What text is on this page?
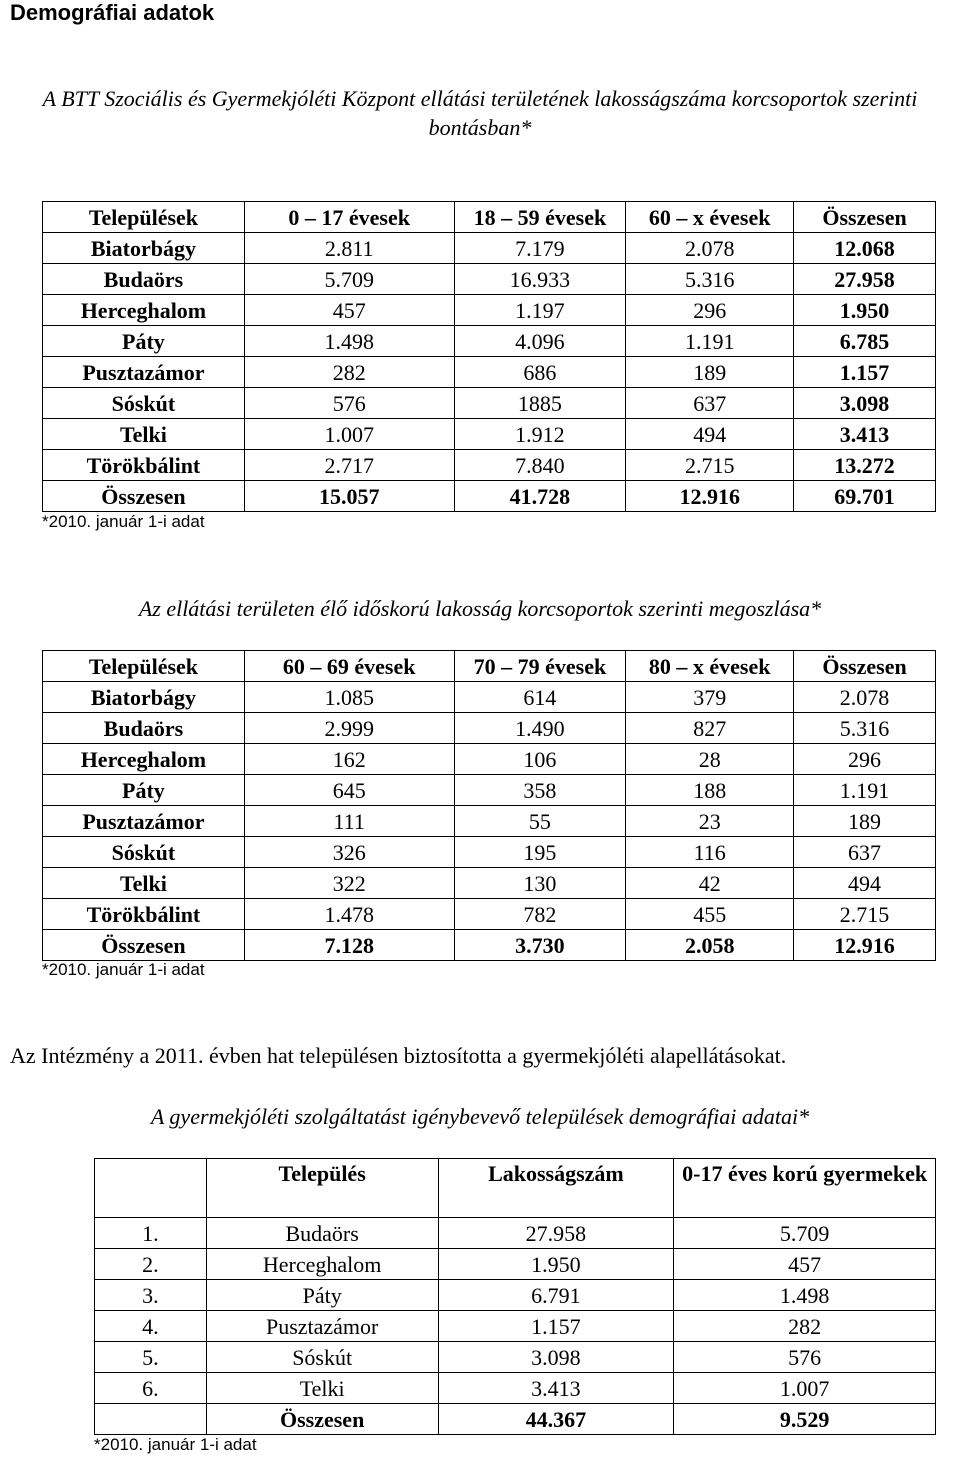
Demográfiai adatok
A BTT Szociális és Gyermekjóléti Központ ellátási területének lakosságszáma korcsoportok szerinti bontásban*
Települések	0 – 17 évesek	18 – 59 évesek	60 – x évesek	Összesen
Biatorbágy	2.811	7.179	2.078	12.068
Budaörs	5.709	16.933	5.316	27.958
Herceghalom	457	1.197	296	1.950
Páty	1.498	4.096	1.191	6.785
Pusztazámor	282	686	189	1.157
Sóskút	576	1885	637	3.098
Telki	1.007	1.912	494	3.413
Törökbálint	2.717	7.840	2.715	13.272
Összesen	15.057	41.728	12.916	69.701
*2010. január 1-i adat
Az ellátási területen élő időskorú lakosság korcsoportok szerinti megoszlása*
Települések	60 – 69 évesek	70 – 79 évesek	80 – x évesek	Összesen
Biatorbágy	1.085	614	379	2.078
Budaörs	2.999	1.490	827	5.316
Herceghalom	162	106	28	296
Páty	645	358	188	1.191
Pusztazámor	111	55	23	189
Sóskút	326	195	116	637
Telki	322	130	42	494
Törökbálint	1.478	782	455	2.715
Összesen	7.128	3.730	2.058	12.916
*2010. január 1-i adat
Az Intézmény a 2011. évben hat településen biztosította a gyermekjóléti alapellátásokat.
A gyermekjóléti szolgáltatást igénybevevő települések demográfiai adatai*
	Település	Lakosságszám	0-17 éves korú gyermekek
1.	Budaörs	27.958	5.709
2.	Herceghalom	1.950	457
3.	Páty	6.791	1.498
4.	Pusztazámor	1.157	282
5.	Sóskút	3.098	576
6.	Telki	3.413	1.007
	Összesen	44.367	9.529
*2010. január 1-i adat
